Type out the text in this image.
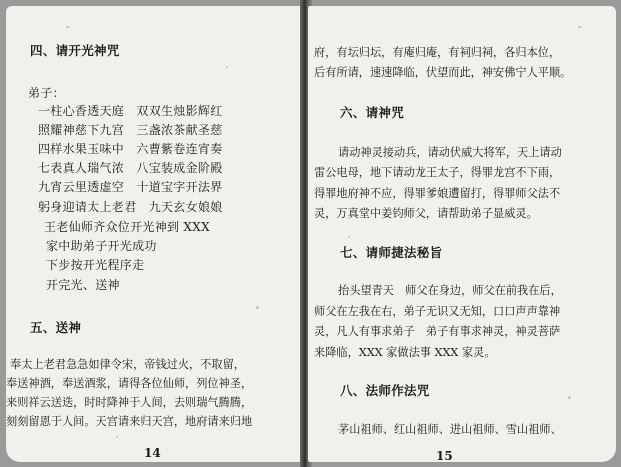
四、请开光神咒
弟子：
一柱心香透天庭　双双生烛影辉红
照耀神慈下九宫　三盏浓茶献圣慈
四样水果玉味中　六曹紫卷连宵奏
七表真人瑞气浓　八宝装成金阶殿
九宵云里透虚空　十道宝字开法界
躬身迎请太上老君　九天玄女娘娘
王老仙师齐众位开光神到 XXX
家中助弟子开光成功
下步按开光程序走
开完光、送神
五、送神
奉太上老君急急如律令宋，帝钱过火，不取留，
奉送神酒，奉送酒浆，请得各位仙师，列位神圣，
来则祥云送迭，时时降神于人间，去则瑞气腾腾，
刻刻留恩于人间。天宫请来归天宫，地府请来归地
14
府，有坛归坛，有庵归庵，有祠归祠，各归本位，
后有所请，速速降临，伏望而此，神安佛宁人平顺。
六、请神咒
请动神灵接动兵，请动伏威大将军，天上请动
雷公电母，地下请动龙王太子，得罪龙宫不下雨，
得罪地府神不应，得罪爹娘遭留打，得罪师父法不
灵，万真堂中姜钧师父，请帮助弟子显威灵。
七、请师捷法秘旨
抬头望青天　师父在身边，师父在前我在后，
师父在左我在右，弟子无识又无知，口口声声靠神
灵，凡人有事求弟子　弟子有事求神灵，神灵菩萨
来降临，XXX 家做法事 XXX 家灵。
八、法师作法咒
茅山祖师、红山祖师、进山祖师、雪山祖师、
15
